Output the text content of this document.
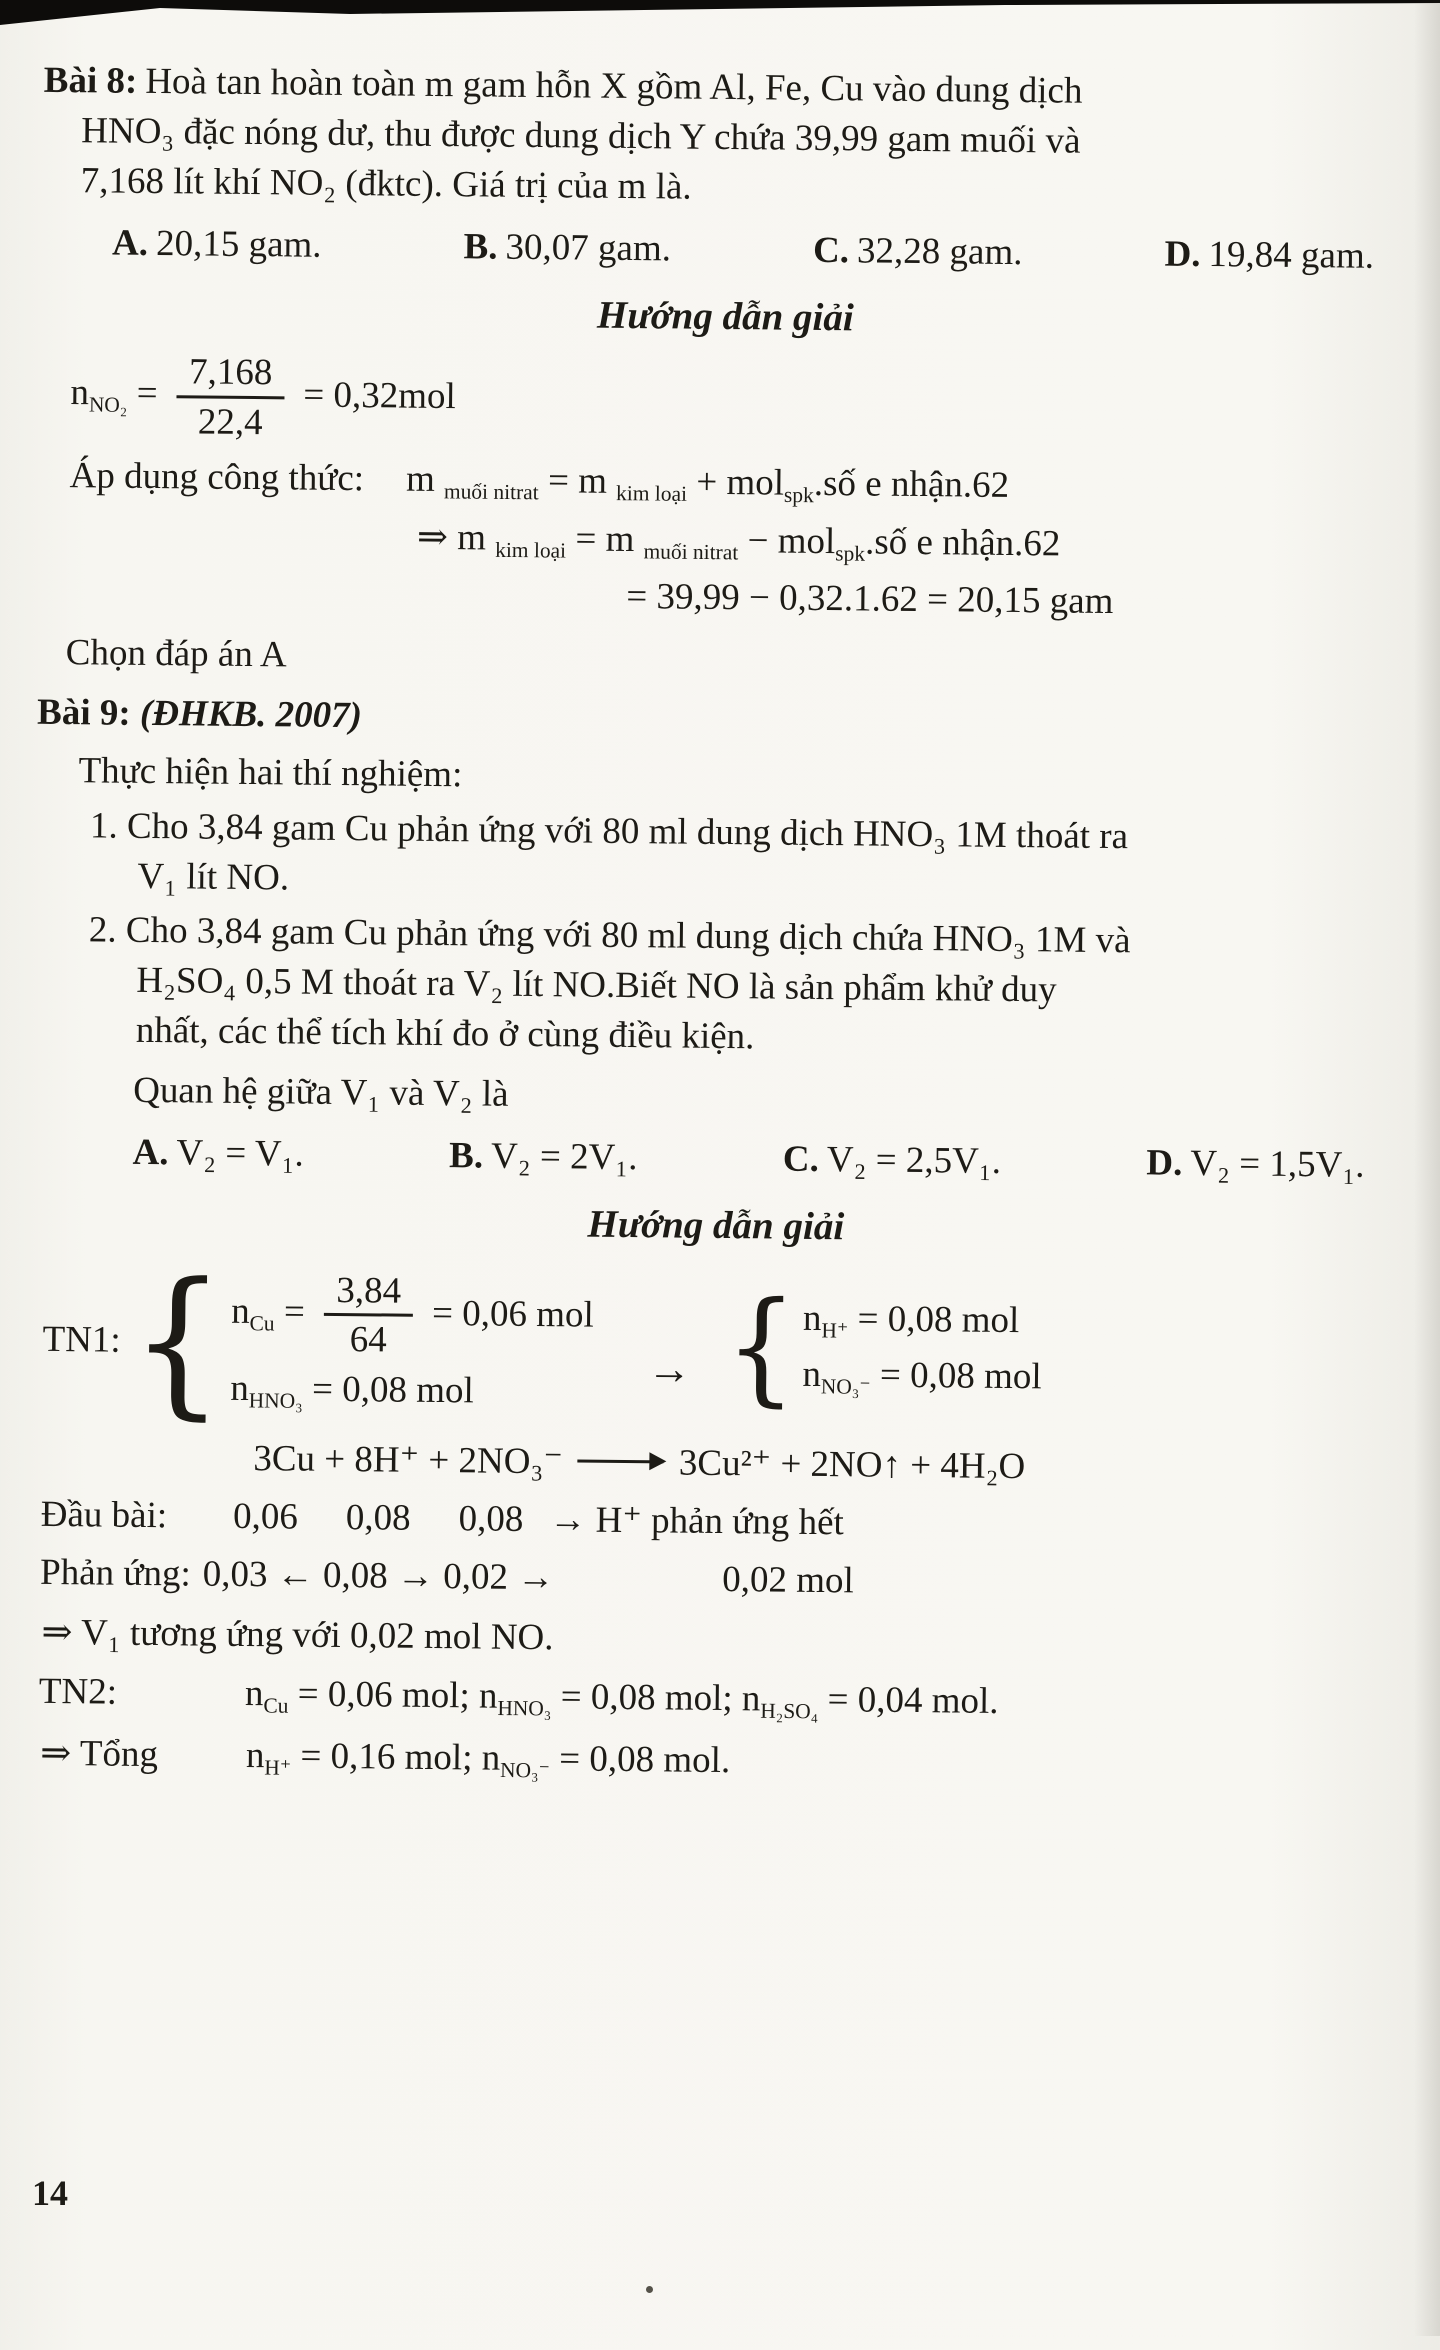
Bài 8: Hoà tan hoàn toàn m gam hỗn X gồm Al, Fe, Cu vào dung dịch
HNO₃ đặc nóng dư, thu được dung dịch Y chứa 39,99 gam muối và
7,168 lít khí NO₂ (đktc). Giá trị của m là.
A. 20,15 gam.	B. 30,07 gam.	C. 32,28 gam.	D. 19,84 gam.
Hướng dẫn giải
$n_{NO_2} = \frac{7,168}{22,4} = 0,32mol$
Áp dụng công thức: m $_{muối nitrat}$ = m $_{kim loại}$ + mol$_{spk}$.số e nhận.62
⇒ m $_{kim loại}$ = m $_{muối nitrat}$ − mol$_{spk}$.số e nhận.62
= 39,99 − 0,32.1.62 = 20,15 gam
Chọn đáp án A
Bài 9: (ĐHKB. 2007)
Thực hiện hai thí nghiệm:
1. Cho 3,84 gam Cu phản ứng với 80 ml dung dịch HNO₃ 1M thoát ra
V₁ lít NO.
2. Cho 3,84 gam Cu phản ứng với 80 ml dung dịch chứa HNO₃ 1M và
H₂SO₄ 0,5 M thoát ra V₂ lít NO.Biết NO là sản phẩm khử duy
nhất, các thể tích khí đo ở cùng điều kiện.
Quan hệ giữa V₁ và V₂ là
A. V₂ = V₁.	B. V₂ = 2V₁.	C. V₂ = 2,5V₁.	D. V₂ = 1,5V₁.
Hướng dẫn giải
TN1: { $n_{Cu} = \frac{3,84}{64} = 0,06$ mol
$n_{HNO_3} = 0,08$ mol	→ { $n_{H^+} = 0,08$ mol
$n_{NO_3^-} = 0,08$ mol
3Cu + 8H⁺ + 2NO₃⁻	3Cu²⁺ + 2NO↑ + 4H₂O
Đầu bài: 0,06 0,08 0,08 → H⁺ phản ứng hết
Phản ứng: 0,03 ← 0,08 → 0,02 →	0,02 mol
⇒ V₁ tương ứng với 0,02 mol NO.
TN2:	$n_{Cu} = 0,06$ mol; $n_{HNO_3} = 0,08$ mol; $n_{H_2SO_4} = 0,04$ mol.
⇒ Tổng $n_{H^+} = 0,16$ mol; $n_{NO_3^-} = 0,08$ mol.
14
